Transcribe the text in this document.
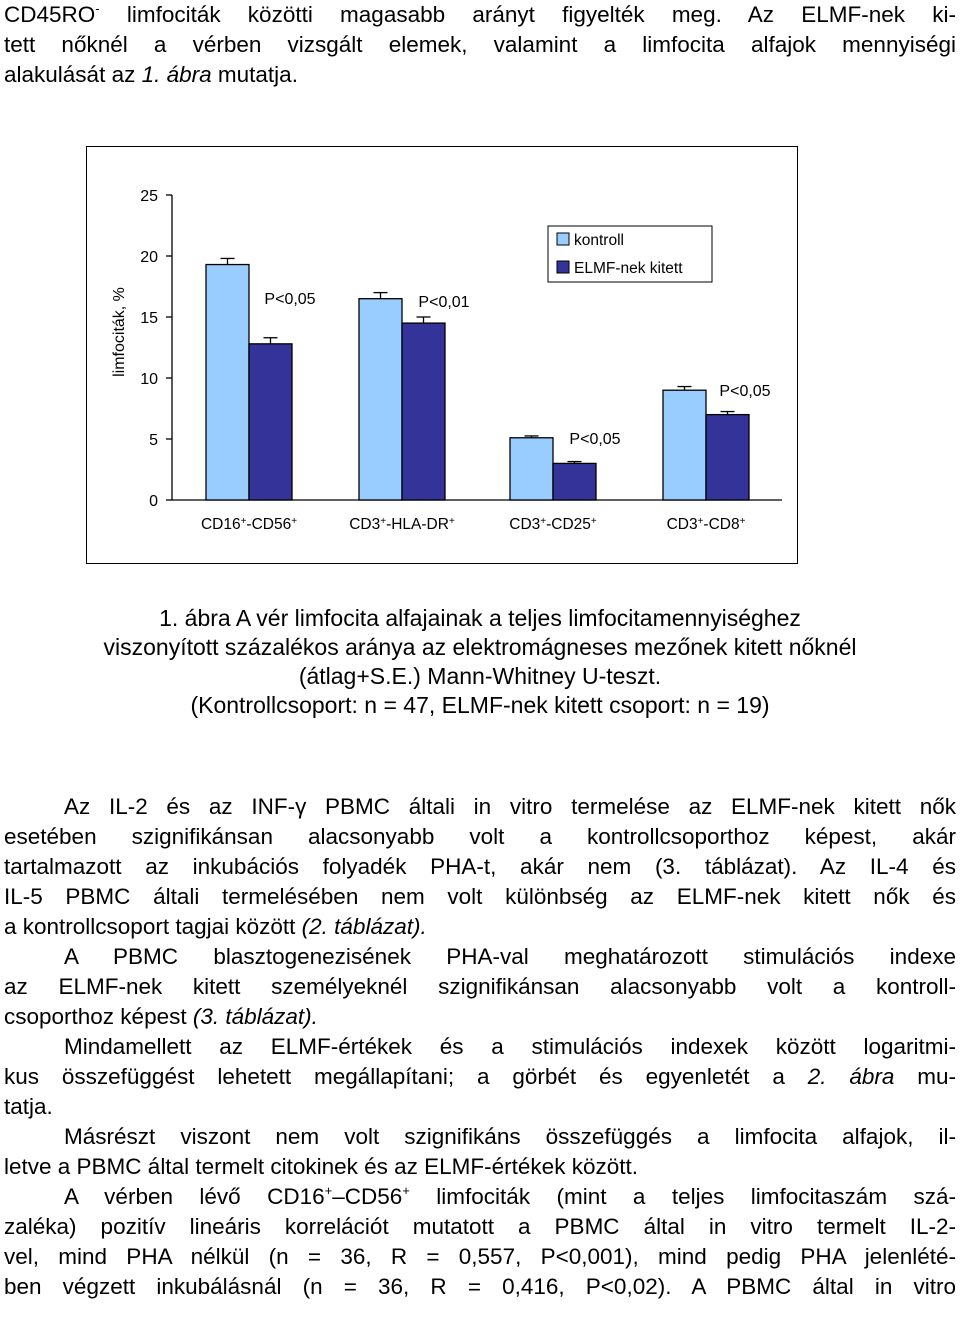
CD45RO- limfociták közötti magasabb arányt figyelték meg. Az ELMF-nek ki-
tett nőknél a vérben vizsgált elemek, valamint a limfocita alfajok mennyiségi
alakulását az 1. ábra mutatja.
0
5
10
15
20
25
P<0,05	P<0,01
P<0,05
P<0,05
CD16+-CD56+	CD3+-HLA-DR+	CD3+-CD25+	CD3+-CD8+
kontroll
ELMF-nek kitett
limfociták, %
1. ábra A vér limfocita alfajainak a teljes limfocitamennyiséghez
viszonyított százalékos aránya az elektromágneses mezőnek kitett nőknél
(átlag+S.E.) Mann-Whitney U-teszt.
(Kontrollcsoport: n = 47, ELMF-nek kitett csoport: n = 19)
Az IL-2 és az INF-γ PBMC általi in vitro termelése az ELMF-nek kitett nők
esetében szignifikánsan alacsonyabb volt a kontrollcsoporthoz képest, akár
tartalmazott az inkubációs folyadék PHA-t, akár nem (3. táblázat). Az IL-4 és
IL-5 PBMC általi termelésében nem volt különbség az ELMF-nek kitett nők és
a kontrollcsoport tagjai között (2. táblázat).
A PBMC blasztogenezisének PHA-val meghatározott stimulációs indexe
az ELMF-nek kitett személyeknél szignifikánsan alacsonyabb volt a kontroll-
csoporthoz képest (3. táblázat).
Mindamellett az ELMF-értékek és a stimulációs indexek között logaritmi-
kus összefüggést lehetett megállapítani; a görbét és egyenletét a 2. ábra mu-
tatja.
Másrészt viszont nem volt szignifikáns összefüggés a limfocita alfajok, il-
letve a PBMC által termelt citokinek és az ELMF-értékek között.
A vérben lévő CD16+–CD56+ limfociták (mint a teljes limfocitaszám szá-
zaléka) pozitív lineáris korrelációt mutatott a PBMC által in vitro termelt IL-2-
vel, mind PHA nélkül (n = 36, R = 0,557, P<0,001), mind pedig PHA jelenlété-
ben végzett inkubálásnál (n = 36, R = 0,416, P<0,02). A PBMC által in vitro
